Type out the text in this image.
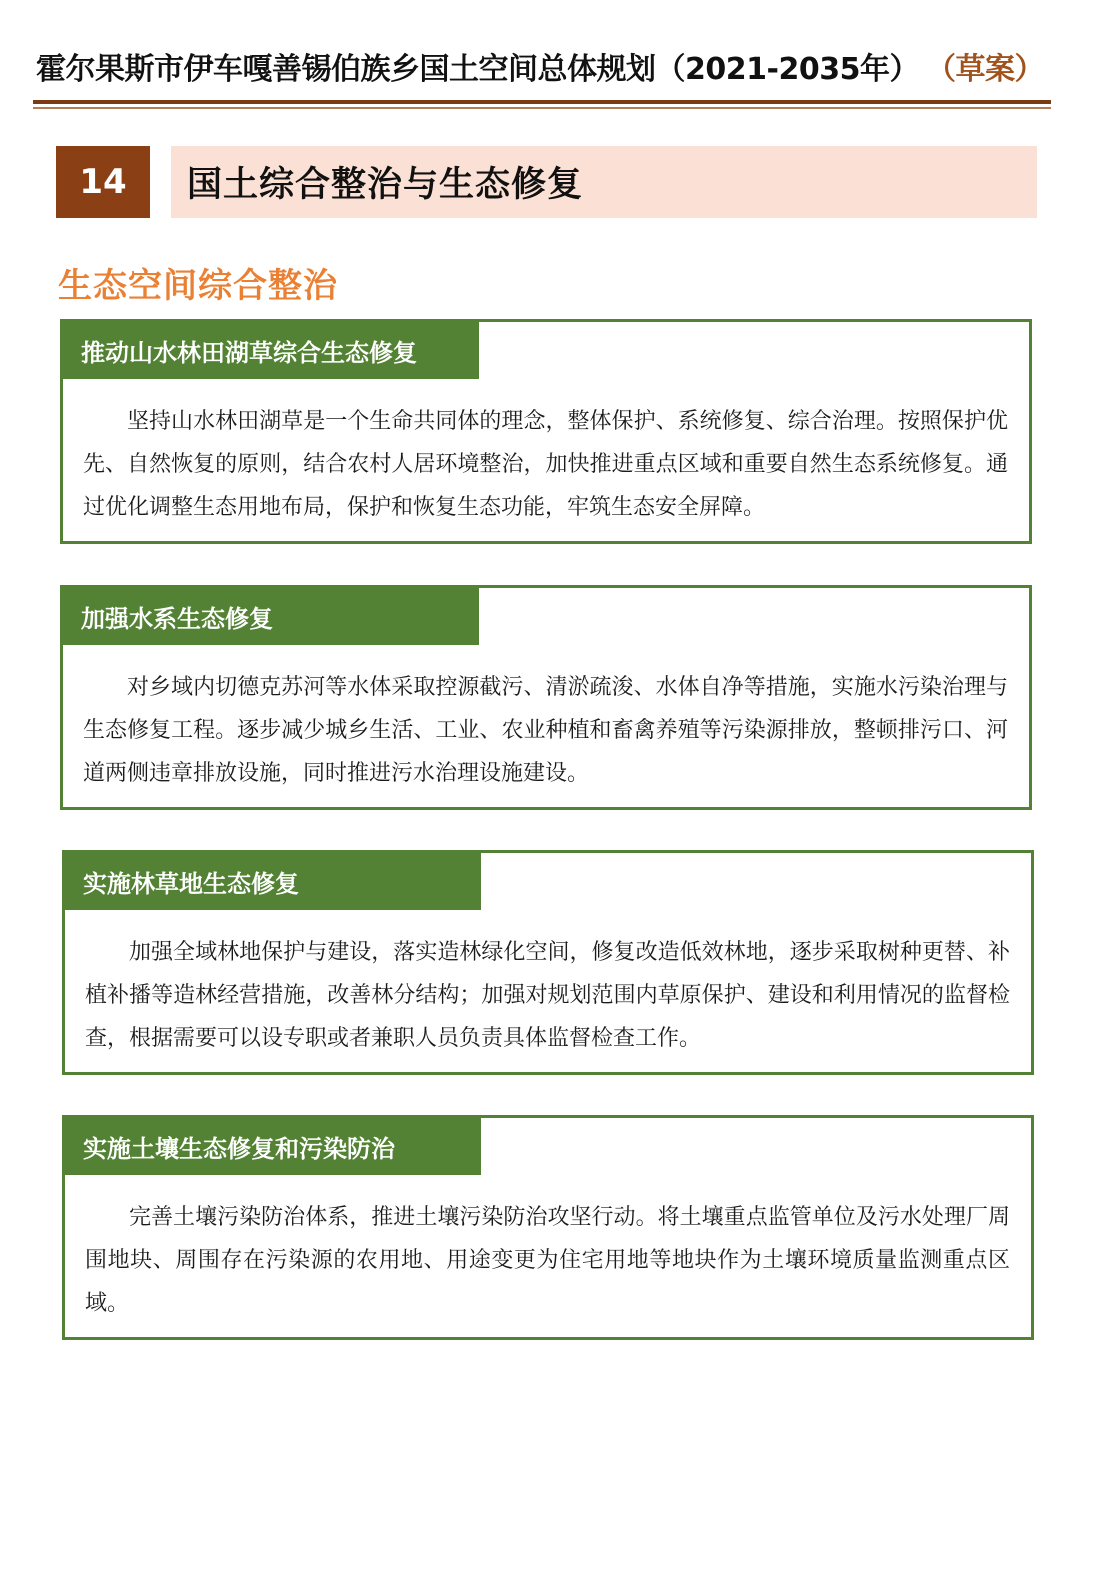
霍尔果斯市伊车嘎善锡伯族乡国土空间总体规划（2021-2035年） （草案）
14	国土综合整治与生态修复
生态空间综合整治
推动山水林田湖草综合生态修复
坚持山水林田湖草是一个生命共同体的理念，整体保护、系统修复、综合治理。按照保护优先、自然恢复的原则，结合农村人居环境整治，加快推进重点区域和重要自然生态系统修复。通过优化调整生态用地布局，保护和恢复生态功能，牢筑生态安全屏障。
加强水系生态修复
对乡域内切德克苏河等水体采取控源截污、清淤疏浚、水体自净等措施，实施水污染治理与生态修复工程。逐步减少城乡生活、工业、农业种植和畜禽养殖等污染源排放，整顿排污口、河道两侧违章排放设施，同时推进污水治理设施建设。
实施林草地生态修复
加强全域林地保护与建设，落实造林绿化空间，修复改造低效林地，逐步采取树种更替、补植补播等造林经营措施，改善林分结构；加强对规划范围内草原保护、建设和利用情况的监督检查，根据需要可以设专职或者兼职人员负责具体监督检查工作。
实施土壤生态修复和污染防治
完善土壤污染防治体系，推进土壤污染防治攻坚行动。将土壤重点监管单位及污水处理厂周围地块、周围存在污染源的农用地、用途变更为住宅用地等地块作为土壤环境质量监测重点区域。
